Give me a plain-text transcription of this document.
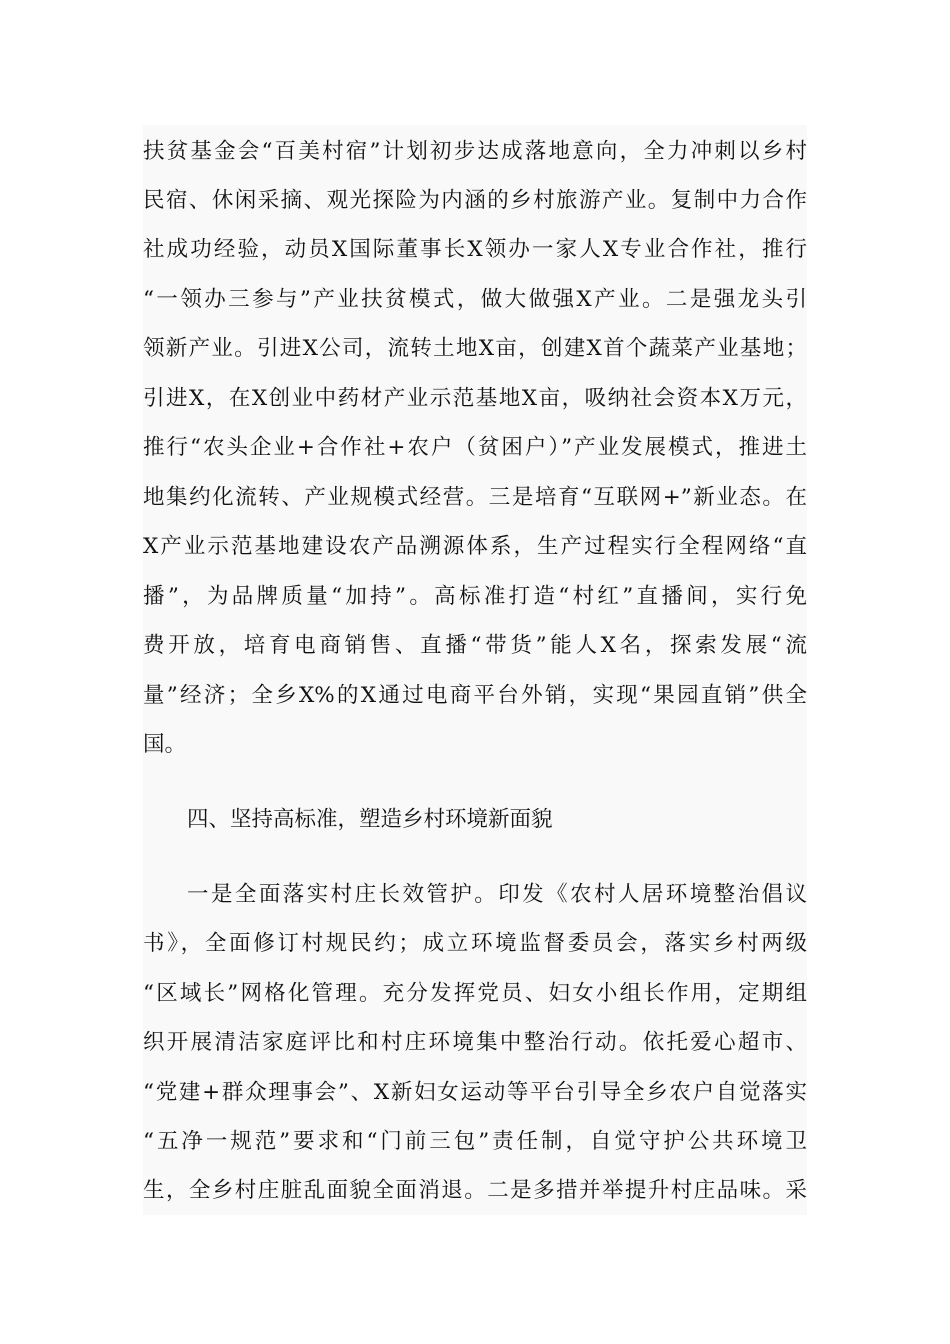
扶贫基金会“百美村宿”计划初步达成落地意向，全力冲刺以乡村
民宿、休闲采摘、观光探险为内涵的乡村旅游产业。复制中力合作
社成功经验，动员X国际董事长X领办一家人X专业合作社，推行
“一领办三参与”产业扶贫模式，做大做强X产业。二是强龙头引
领新产业。引进X公司，流转土地X亩，创建X首个蔬菜产业基地；
引进X，在X创业中药材产业示范基地X亩，吸纳社会资本X万元，
推行“农头企业+合作社+农户（贫困户）”产业发展模式，推进土
地集约化流转、产业规模式经营。三是培育“互联网+”新业态。在
X产业示范基地建设农产品溯源体系，生产过程实行全程网络“直
播”，为品牌质量“加持”。高标准打造“村红”直播间，实行免
费开放，培育电商销售、直播“带货”能人X名，探索发展“流
量”经济；全乡X%的X通过电商平台外销，实现“果园直销”供全
国。
四、坚持高标准，塑造乡村环境新面貌
一是全面落实村庄长效管护。印发《农村人居环境整治倡议
书》，全面修订村规民约；成立环境监督委员会，落实乡村两级
“区域长”网格化管理。充分发挥党员、妇女小组长作用，定期组
织开展清洁家庭评比和村庄环境集中整治行动。依托爱心超市、
“党建+群众理事会”、X新妇女运动等平台引导全乡农户自觉落实
“五净一规范”要求和“门前三包”责任制，自觉守护公共环境卫
生，全乡村庄脏乱面貌全面消退。二是多措并举提升村庄品味。采
